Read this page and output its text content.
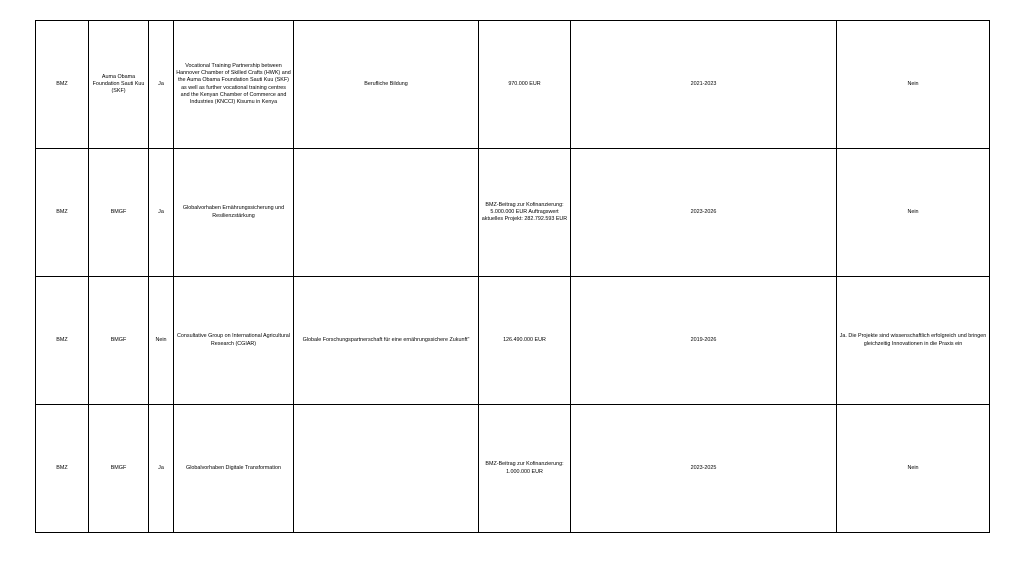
BMZ	Auma Obama Foundation Sauti Kuu (SKF)	Ja	Vocational Training Partnership between Hannover Chamber of Skilled Crafts (HWK) and the Auma Obama Foundation Sauti Kuu (SKF) as well as further vocational training centres and the Kenyan Chamber of Commerce and Industries (KNCCI) Kisumu in Kenya	Berufliche Bildung	970.000 EUR	2021-2023	Nein
BMZ	BMGF	Ja	Globalvorhaben Ernährungssicherung und Resilienzstärkung		BMZ-Beitrag zur Kofinanzierung: 5.000.000 EUR Auftragswert aktuelles Projekt: 282.792.593 EUR	2023-2026	Nein
BMZ	BMGF	Nein	Consultative Group on International Agricultural Research (CGIAR)	Globale Forschungspartnerschaft für eine ernährungssichere Zukunft"	126.490.000 EUR	2019-2026	Ja. Die Projekte sind wissenschaftlich erfolgreich und bringen gleichzeitig Innovationen in die Praxis ein
BMZ	BMGF	Ja	Globalvorhaben Digitale Transformation		BMZ-Beitrag zur Kofinanzierung: 1.000.000 EUR	2023-2025	Nein
